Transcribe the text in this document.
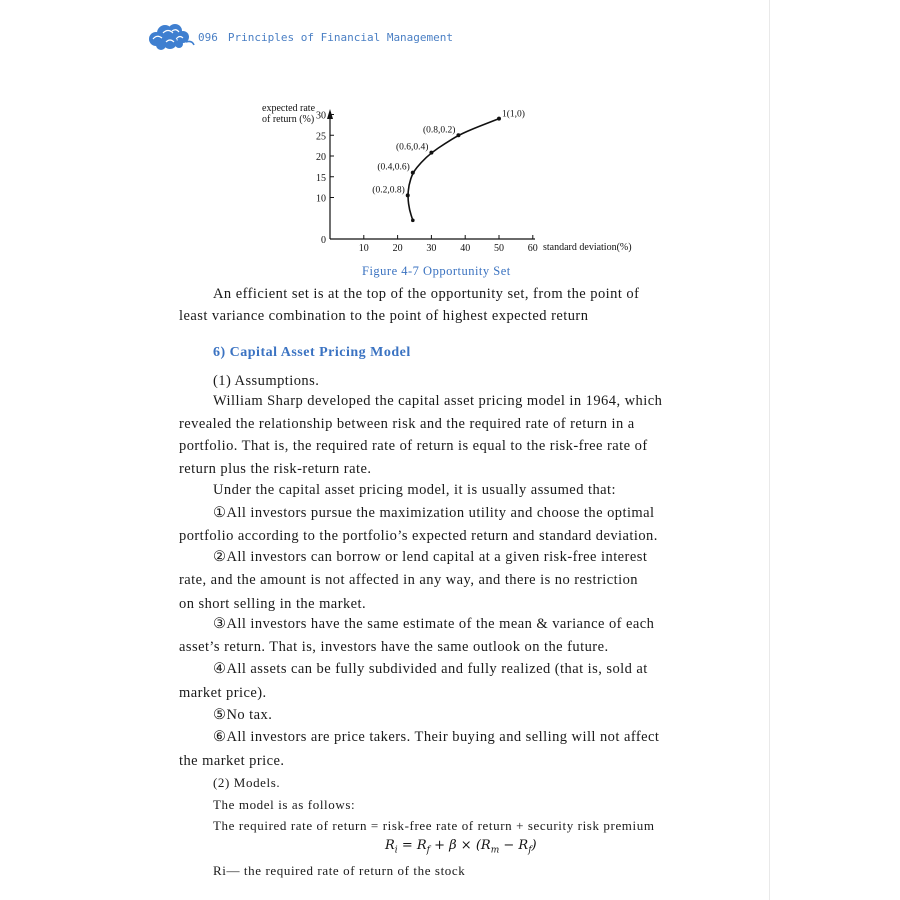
096 Principles of Financial Management
expected rate
of return (%)
standard deviation(%)
10 20 30 40 50 60
0
10
15
20
25
30
(0.2,0.8)
(0.4,0.6)
(0.6,0.4)
(0.8,0.2)
1(1,0)
Figure 4-7 Opportunity Set

An efficient set is at the top of the opportunity set, from the point of

least variance combination to the point of highest expected return

6) Capital Asset Pricing Model

(1) Assumptions.

William Sharp developed the capital asset pricing model in 1964, which

revealed the relationship between risk and the required rate of return in a

portfolio. That is, the required rate of return is equal to the risk-free rate of

return plus the risk-return rate.

Under the capital asset pricing model, it is usually assumed that:

①All investors pursue the maximization utility and choose the optimal

portfolio according to the portfolio’s expected return and standard deviation.

②All investors can borrow or lend capital at a given risk-free interest

rate, and the amount is not affected in any way, and there is no restriction

on short selling in the market.

③All investors have the same estimate of the mean & variance of each

asset’s return. That is, investors have the same outlook on the future.

④All assets can be fully subdivided and fully realized (that is, sold at

market price).

⑤No tax.

⑥All investors are price takers. Their buying and selling will not affect

the market price.

(2) Models.

The model is as follows:

The required rate of return = risk-free rate of return + security risk premium

$R_i = R_f + \beta \times (R_m - R_f)$

Ri— the required rate of return of the stock
